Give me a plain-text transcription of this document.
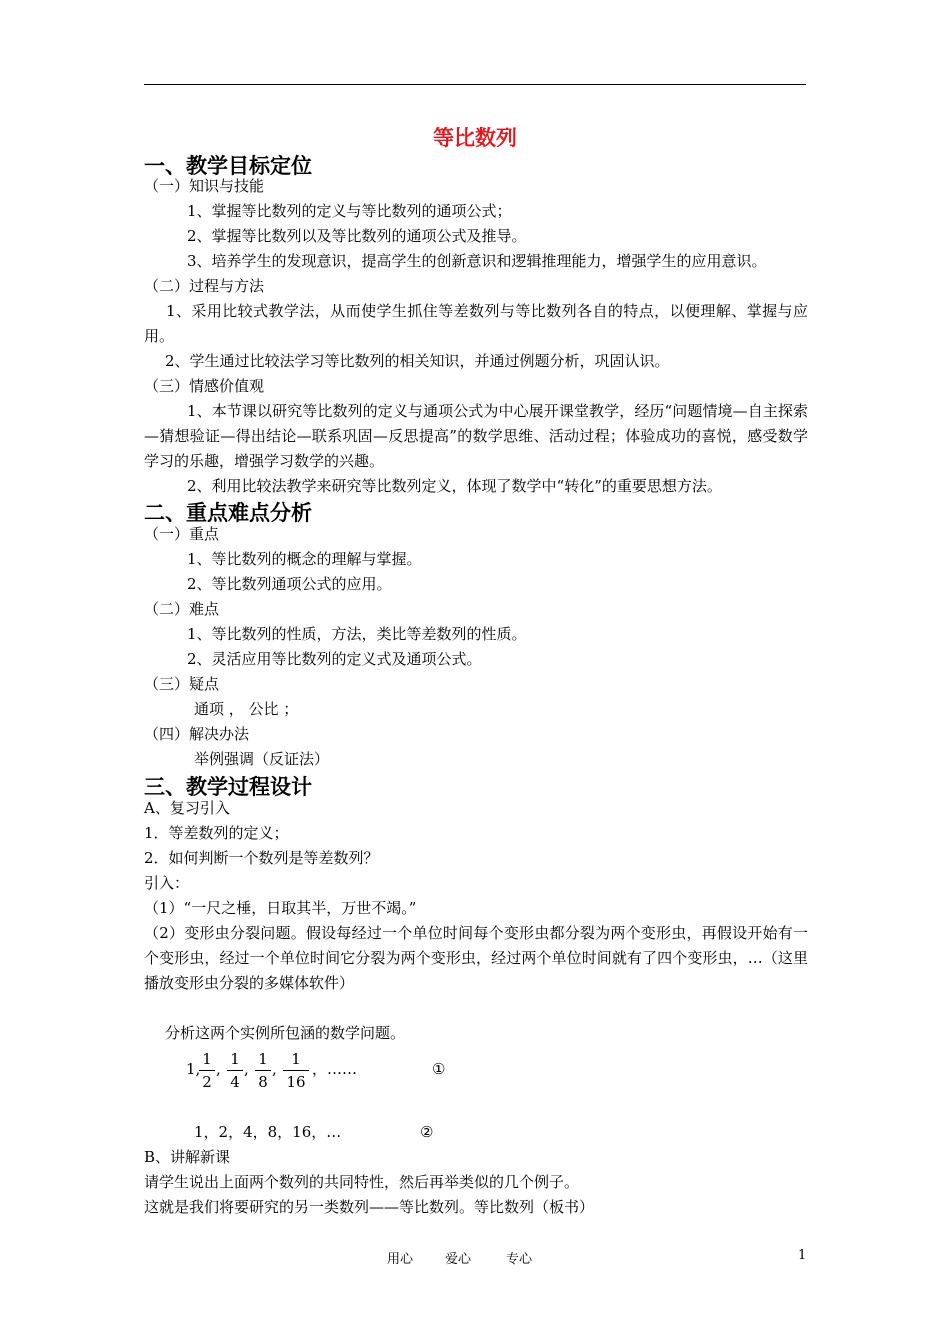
等比数列
一、教学目标定位
（一）知识与技能
1、掌握等比数列的定义与等比数列的通项公式；
2、掌握等比数列以及等比数列的通项公式及推导。
3、培养学生的发现意识，提高学生的创新意识和逻辑推理能力，增强学生的应用意识。
（二）过程与方法
1、采用比较式教学法，从而使学生抓住等差数列与等比数列各自的特点，以便理解、掌握与应用。
2、学生通过比较法学习等比数列的相关知识，并通过例题分析，巩固认识。
（三）情感价值观
1、本节课以研究等比数列的定义与通项公式为中心展开课堂教学，经历“问题情境—自主探索—猜想验证—得出结论—联系巩固—反思提高”的数学思维、活动过程；体验成功的喜悦，感受数学学习的乐趣，增强学习数学的兴趣。
2、利用比较法教学来研究等比数列定义，体现了数学中“转化”的重要思想方法。
二、重点难点分析
（一）重点
1、等比数列的概念的理解与掌握。
2、等比数列通项公式的应用。
（二）难点
1、等比数列的性质，方法，类比等差数列的性质。
2、灵活应用等比数列的定义式及通项公式。
（三）疑点
通项 ， 公比 ；
（四）解决办法
举例强调（反证法）
三、教学过程设计
A、复习引入
1．等差数列的定义；
2．如何判断一个数列是等差数列？
引入：
（1）“一尺之棰，日取其半，万世不竭。”
（2）变形虫分裂问题。假设每经过一个单位时间每个变形虫都分裂为两个变形虫，再假设开始有一个变形虫，经过一个单位时间它分裂为两个变形虫，经过两个单位时间就有了四个变形虫，…（这里播放变形虫分裂的多媒体软件）
分析这两个实例所包涵的数学问题。
1,
1
2
,
1
4
,
1
8
,
1
16
，……	①
1，2，4，8，16，…	②
B、讲解新课
请学生说出上面两个数列的共同特性，然后再举类似的几个例子。
这就是我们将要研究的另一类数列——等比数列。等比数列（板书）
用心 爱心	专心	1
